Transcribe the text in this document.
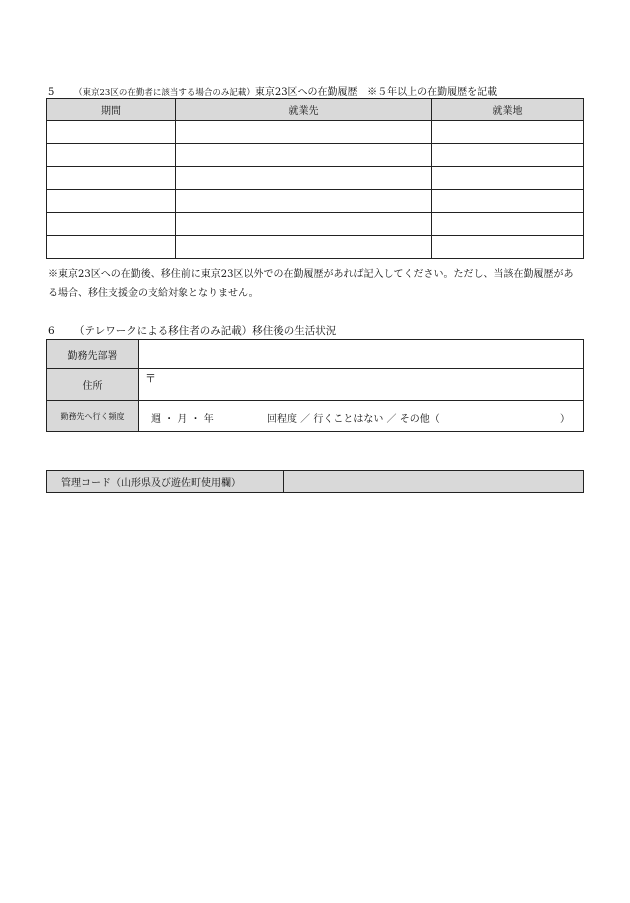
5 （東京23区の在勤者に該当する場合のみ記載）東京23区への在勤履歴 ※５年以上の在勤履歴を記載
期間	就業先	就業地

※東京23区への在勤後、移住前に東京23区以外での在勤履歴があれば記入してください。ただし、当該在勤履歴がある場合、移住支援金の支給対象となりません。
6 （テレワークによる移住者のみ記載）移住後の生活状況
勤務先部署	
住所	〒

勤務先へ行く頻度	週 ・ 月 ・ 年 回程度 ／ 行くことはない ／ その他（ ）
管理コード（山形県及び遊佐町使用欄）	
